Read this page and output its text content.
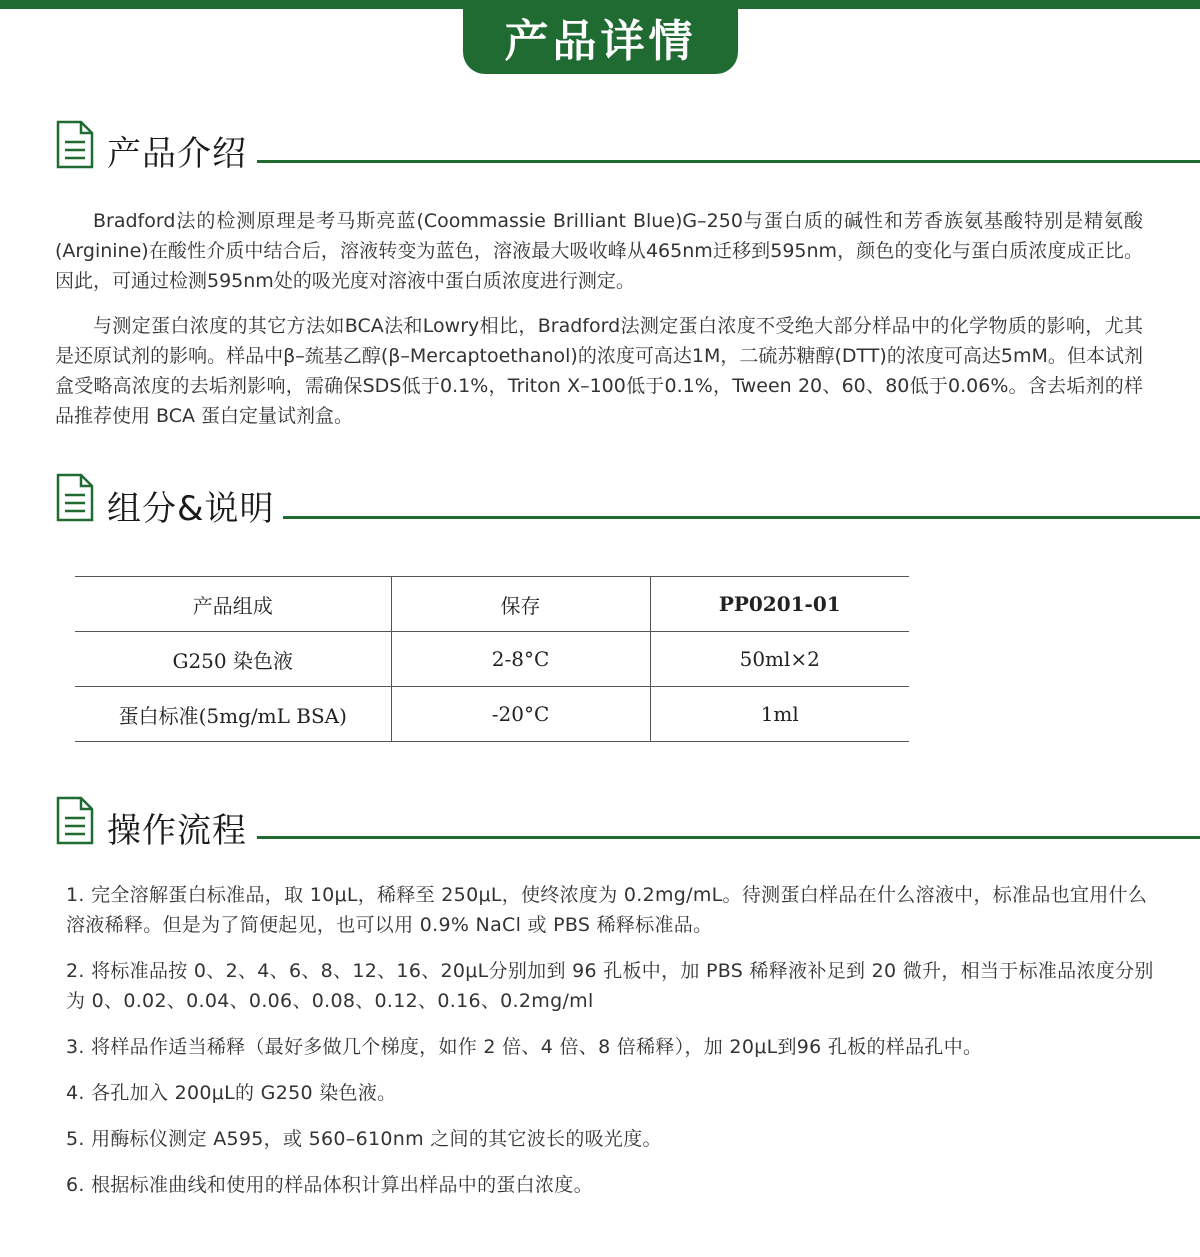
产品详情
产品介绍

Bradford法的检测原理是考马斯亮蓝(Coommassie Brilliant Blue)G–250与蛋白质的碱性和芳香族氨基酸特别是精氨酸(Arginine)在酸性介质中结合后，溶液转变为蓝色，溶液最大吸收峰从465nm迁移到595nm，颜色的变化与蛋白质浓度成正比。因此，可通过检测595nm处的吸光度对溶液中蛋白质浓度进行测定。

与测定蛋白浓度的其它方法如BCA法和Lowry相比，Bradford法测定蛋白浓度不受绝大部分样品中的化学物质的影响，尤其是还原试剂的影响。样品中β–巯基乙醇(β–Mercaptoethanol)的浓度可高达1M，二硫苏糖醇(DTT)的浓度可高达5mM。但本试剂盒受略高浓度的去垢剂影响，需确保SDS低于0.1%，Triton X–100低于0.1%，Tween 20、60、80低于0.06%。含去垢剂的样品推荐使用 BCA 蛋白定量试剂盒。

组分&说明
产品组成	保存	PP0201-01
G250 染色液	2-8°C	50ml×2
蛋白标准(5mg/mL BSA)	-20°C	1ml
操作流程

1. 完全溶解蛋白标准品，取 10μL，稀释至 250μL，使终浓度为 0.2mg/mL。待测蛋白样品在什么溶液中，标准品也宜用什么溶液稀释。但是为了简便起见，也可以用 0.9% NaCl 或 PBS 稀释标准品。

2. 将标准品按 0、2、4、6、8、12、16、20μL分别加到 96 孔板中，加 PBS 稀释液补足到 20 微升，相当于标准品浓度分别为 0、0.02、0.04、0.06、0.08、0.12、0.16、0.2mg/ml

3. 将样品作适当稀释（最好多做几个梯度，如作 2 倍、4 倍、8 倍稀释），加 20μL到96 孔板的样品孔中。

4. 各孔加入 200μL的 G250 染色液。

5. 用酶标仪测定 A595，或 560–610nm 之间的其它波长的吸光度。

6. 根据标准曲线和使用的样品体积计算出样品中的蛋白浓度。
